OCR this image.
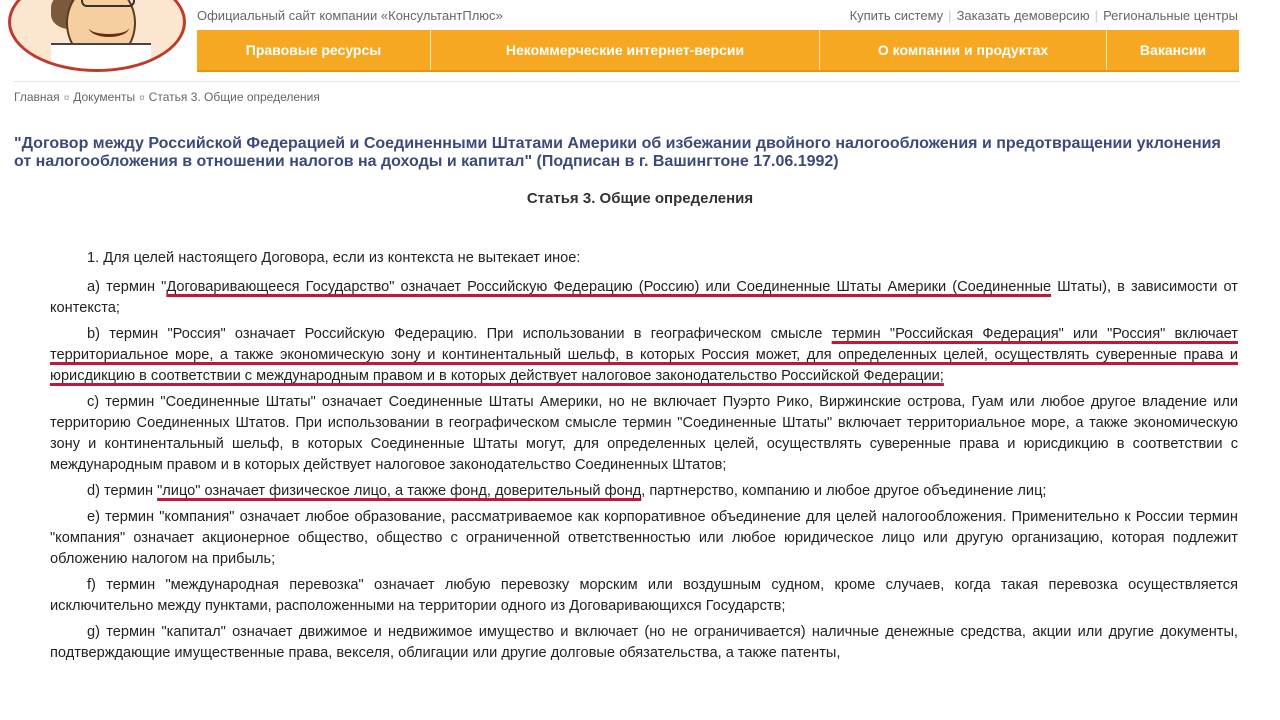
Официальный сайт компании «КонсультантПлюс»	Купить систему | Заказать демоверсию | Региональные центры
Правовые ресурсы	Некоммерческие интернет-версии	О компании и продуктах	Вакансии
Главная ¤ Документы ¤ Статья 3. Общие определения
"Договор между Российской Федерацией и Соединенными Штатами Америки об избежании двойного налогообложения и предотвращении уклонения от налогообложения в отношении налогов на доходы и капитал" (Подписан в г. Вашингтоне 17.06.1992)
Статья 3. Общие определения

1. Для целей настоящего Договора, если из контекста не вытекает иное:

а) термин "Договаривающееся Государство" означает Российскую Федерацию (Россию) или Соединенные Штаты Америки (Соединенные Штаты), в зависимости от контекста;

b) термин "Россия" означает Российскую Федерацию. При использовании в географическом смысле термин "Российская Федерация" или "Россия" включает территориальное море, а также экономическую зону и континентальный шельф, в которых Россия может, для определенных целей, осуществлять суверенные права и юрисдикцию в соответствии с международным правом и в которых действует налоговое законодательство Российской Федерации;

с) термин "Соединенные Штаты" означает Соединенные Штаты Америки, но не включает Пуэрто Рико, Виржинские острова, Гуам или любое другое владение или территорию Соединенных Штатов. При использовании в географическом смысле термин "Соединенные Штаты" включает территориальное море, а также экономическую зону и континентальный шельф, в которых Соединенные Штаты могут, для определенных целей, осуществлять суверенные права и юрисдикцию в соответствии с международным правом и в которых действует налоговое законодательство Соединенных Штатов;

d) термин "лицо" означает физическое лицо, а также фонд, доверительный фонд, партнерство, компанию и любое другое объединение лиц;

е) термин "компания" означает любое образование, рассматриваемое как корпоративное объединение для целей налогообложения. Применительно к России термин "компания" означает акционерное общество, общество с ограниченной ответственностью или любое юридическое лицо или другую организацию, которая подлежит обложению налогом на прибыль;

f) термин "международная перевозка" означает любую перевозку морским или воздушным судном, кроме случаев, когда такая перевозка осуществляется исключительно между пунктами, расположенными на территории одного из Договаривающихся Государств;

g) термин "капитал" означает движимое и недвижимое имущество и включает (но не ограничивается) наличные денежные средства, акции или другие документы, подтверждающие имущественные права, векселя, облигации или другие долговые обязательства, а также патенты,
